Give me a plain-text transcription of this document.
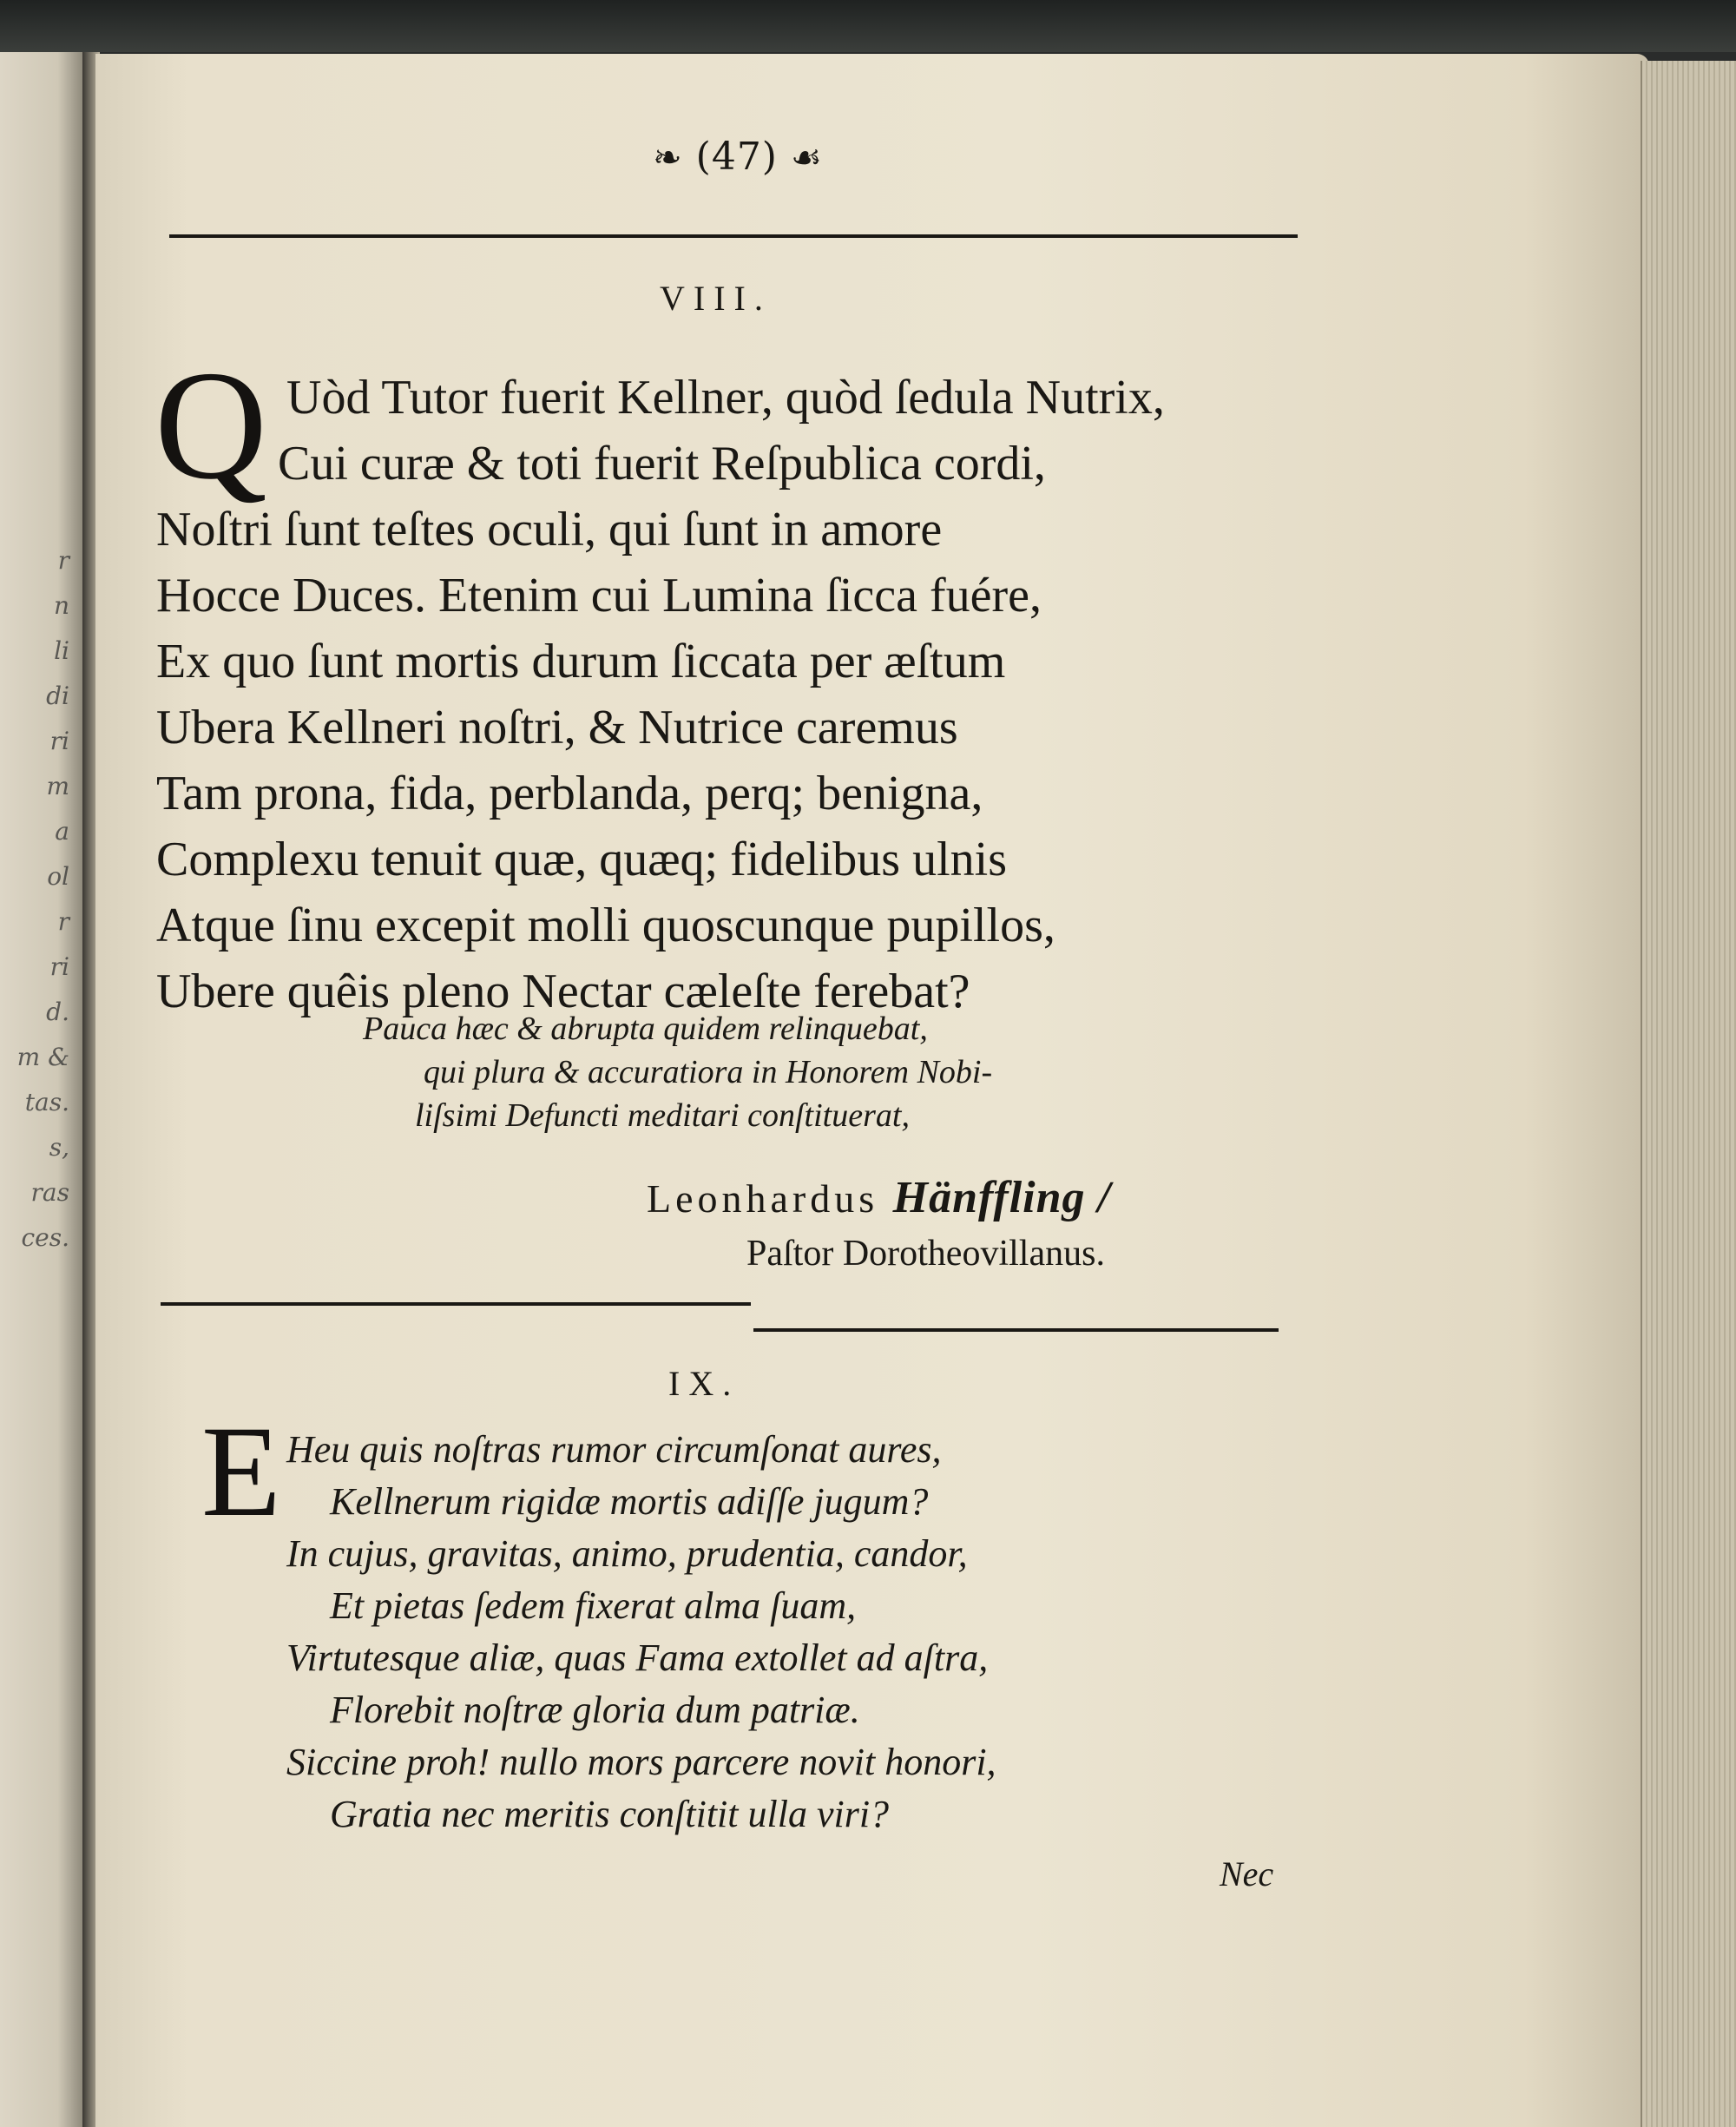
r
n
li
di
ri
m
a
ol
r
ri
d.
m &
tas.
s,
ras
ces.
❧ (47) ☙
VIII.
Q Uòd Tutor fuerit Kellner, quòd ſedula Nutrix,
Cui curæ & toti fuerit Reſpublica cordi,
Noſtri ſunt teſtes oculi, qui ſunt in amore
Hocce Duces. Etenim cui Lumina ſicca fuére,
Ex quo ſunt mortis durum ſiccata per æſtum
Ubera Kellneri noſtri, & Nutrice caremus
Tam prona, fida, perblanda, perq; benigna,
Complexu tenuit quæ, quæq; fidelibus ulnis
Atque ſinu excepit molli quoscunque pupillos,
Ubere quêis pleno Nectar cæleſte ferebat?
Pauca hæc & abrupta quidem relinquebat,
qui plura & accuratiora in Honorem Nobi-
liſsimi Defuncti meditari conſtituerat,
Leonhardus Hänffling /
Paſtor Dorotheovillanus.
IX.
E Heu quis noſtras rumor circumſonat aures,
Kellnerum rigidæ mortis adiſſe jugum?
In cujus, gravitas, animo, prudentia, candor,
Et pietas ſedem fixerat alma ſuam,
Virtutesque aliæ, quas Fama extollet ad aſtra,
Florebit noſtræ gloria dum patriæ.
Siccine proh! nullo mors parcere novit honori,
Gratia nec meritis conſtitit ulla viri?
Nec
